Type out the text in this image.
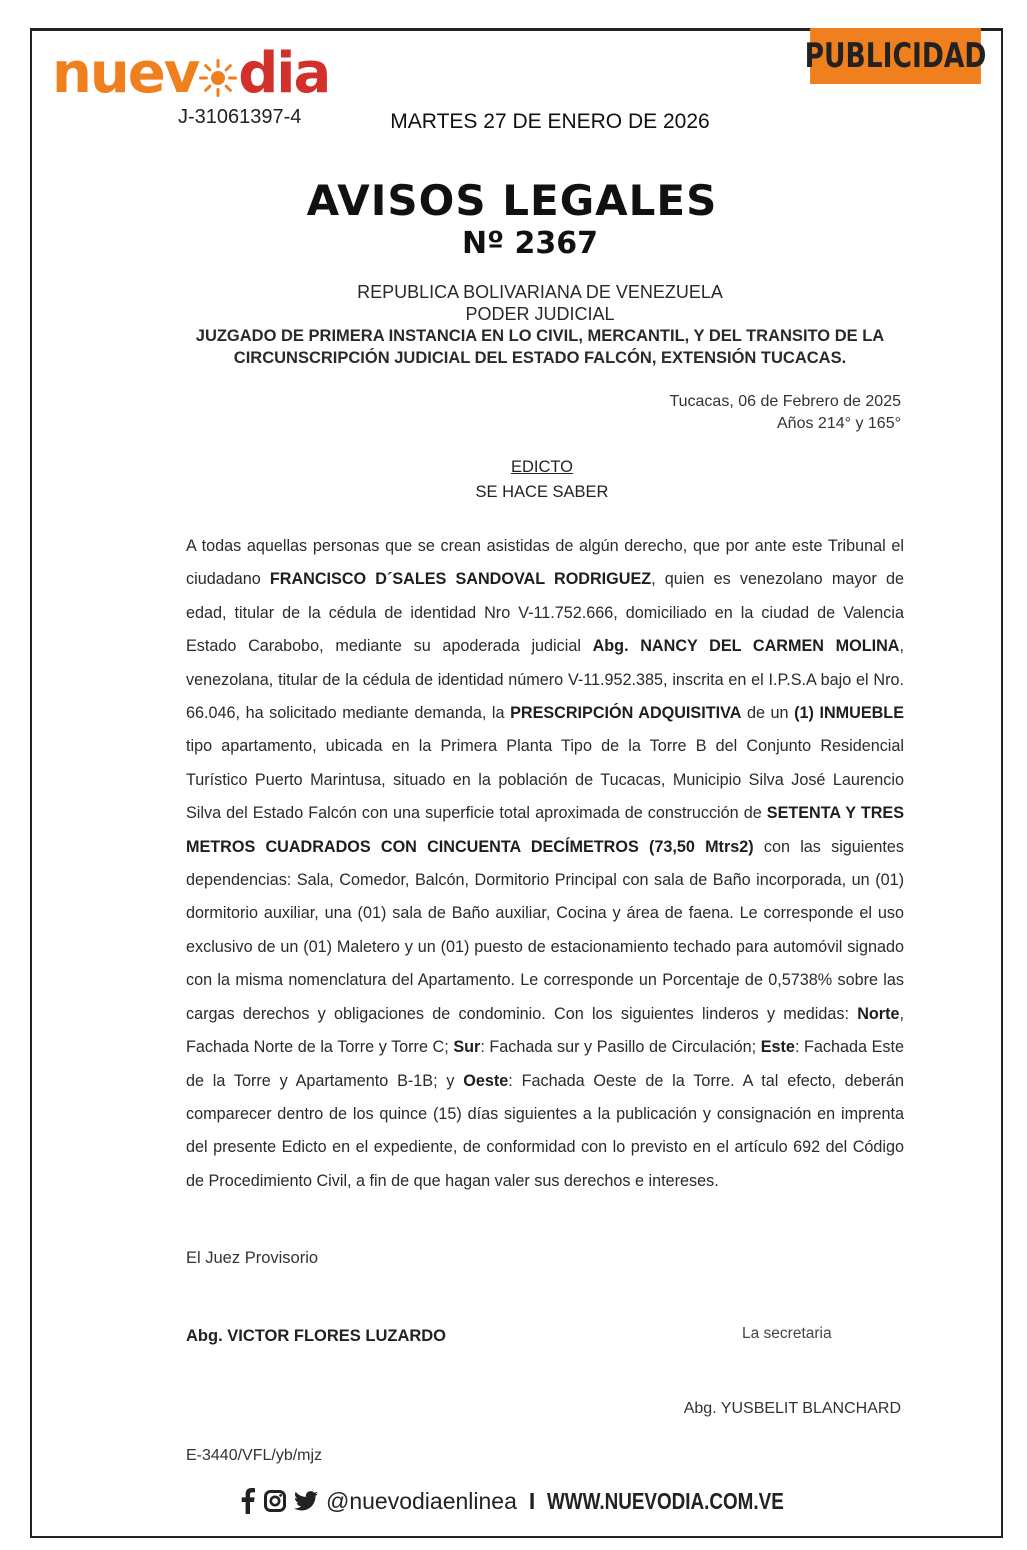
PUBLICIDAD
nuev dia
J-31061397-4	MARTES 27 DE ENERO DE 2026
AVISOS LEGALES
Nº 2367
REPUBLICA BOLIVARIANA DE VENEZUELA
PODER JUDICIAL
JUZGADO DE PRIMERA INSTANCIA EN LO CIVIL, MERCANTIL, Y DEL TRANSITO DE LA
CIRCUNSCRIPCIÓN JUDICIAL DEL ESTADO FALCÓN, EXTENSIÓN TUCACAS.
Tucacas, 06 de Febrero de 2025
Años 214° y 165°
EDICTO
SE HACE SABER
A todas aquellas personas que se crean asistidas de algún derecho, que por ante este Tribunal el ciudadano FRANCISCO D´SALES SANDOVAL RODRIGUEZ, quien es venezolano mayor de edad, titular de la cédula de identidad Nro V-11.752.666, domiciliado en la ciudad de Valencia Estado Carabobo, mediante su apoderada judicial Abg. NANCY DEL CARMEN MOLINA, venezolana, titular de la cédula de identidad número V-11.952.385, inscrita en el I.P.S.A bajo el Nro. 66.046, ha solicitado mediante demanda, la PRESCRIPCIÓN ADQUISITIVA de un (1) INMUEBLE tipo apartamento, ubicada en la Primera Planta Tipo de la Torre B del Conjunto Residencial Turístico Puerto Marintusa, situado en la población de Tucacas, Municipio Silva José Laurencio Silva del Estado Falcón con una superficie total aproximada de construcción de SETENTA Y TRES METROS CUADRADOS CON CINCUENTA DECÍMETROS (73,50 Mtrs2) con las siguientes dependencias: Sala, Comedor, Balcón, Dormitorio Principal con sala de Baño incorporada, un (01) dormitorio auxiliar, una (01) sala de Baño auxiliar, Cocina y área de faena. Le corresponde el uso exclusivo de un (01) Maletero y un (01) puesto de estacionamiento techado para automóvil signado con la misma nomenclatura del Apartamento. Le corresponde un Porcentaje de 0,5738% sobre las cargas derechos y obligaciones de condominio. Con los siguientes linderos y medidas: Norte, Fachada Norte de la Torre y Torre C; Sur: Fachada sur y Pasillo de Circulación; Este: Fachada Este de la Torre y Apartamento B-1B; y Oeste: Fachada Oeste de la Torre. A tal efecto, deberán comparecer dentro de los quince (15) días siguientes a la publicación y consignación en imprenta del presente Edicto en el expediente, de conformidad con lo previsto en el artículo 692 del Código de Procedimiento Civil, a fin de que hagan valer sus derechos e intereses.
El Juez Provisorio
Abg. VICTOR FLORES LUZARDO	La secretaria
Abg. YUSBELIT BLANCHARD
E-3440/VFL/yb/mjz
@nuevodiaenlinea I WWW.NUEVODIA.COM.VE
